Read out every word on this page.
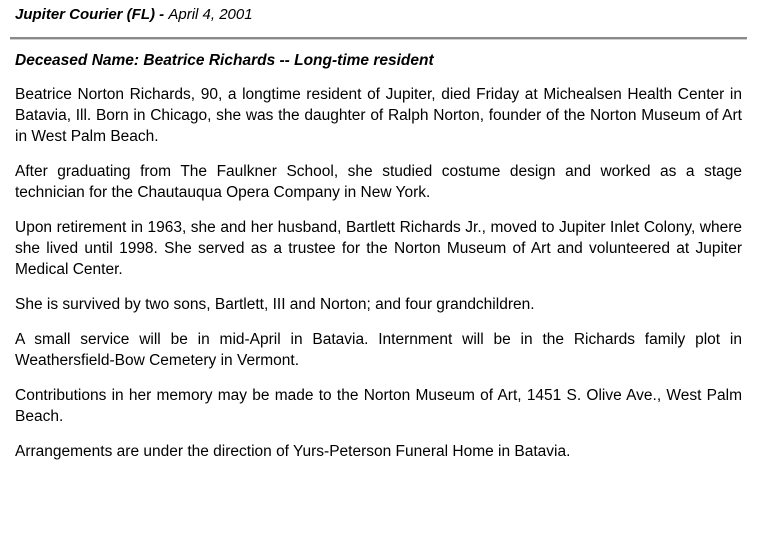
Jupiter Courier (FL) - April 4, 2001
Deceased Name: Beatrice Richards -- Long-time resident

Beatrice Norton Richards, 90, a longtime resident of Jupiter, died Friday at Michealsen Health Center in Batavia, Ill. Born in Chicago, she was the daughter of Ralph Norton, founder of the Norton Museum of Art in West Palm Beach.

After graduating from The Faulkner School, she studied costume design and worked as a stage technician for the Chautauqua Opera Company in New York.

Upon retirement in 1963, she and her husband, Bartlett Richards Jr., moved to Jupiter Inlet Colony, where she lived until 1998. She served as a trustee for the Norton Museum of Art and volunteered at Jupiter Medical Center.

She is survived by two sons, Bartlett, III and Norton; and four grandchildren.

A small service will be in mid-April in Batavia. Internment will be in the Richards family plot in Weathersfield-Bow Cemetery in Vermont.

Contributions in her memory may be made to the Norton Museum of Art, 1451 S. Olive Ave., West Palm Beach.

Arrangements are under the direction of Yurs-Peterson Funeral Home in Batavia.
